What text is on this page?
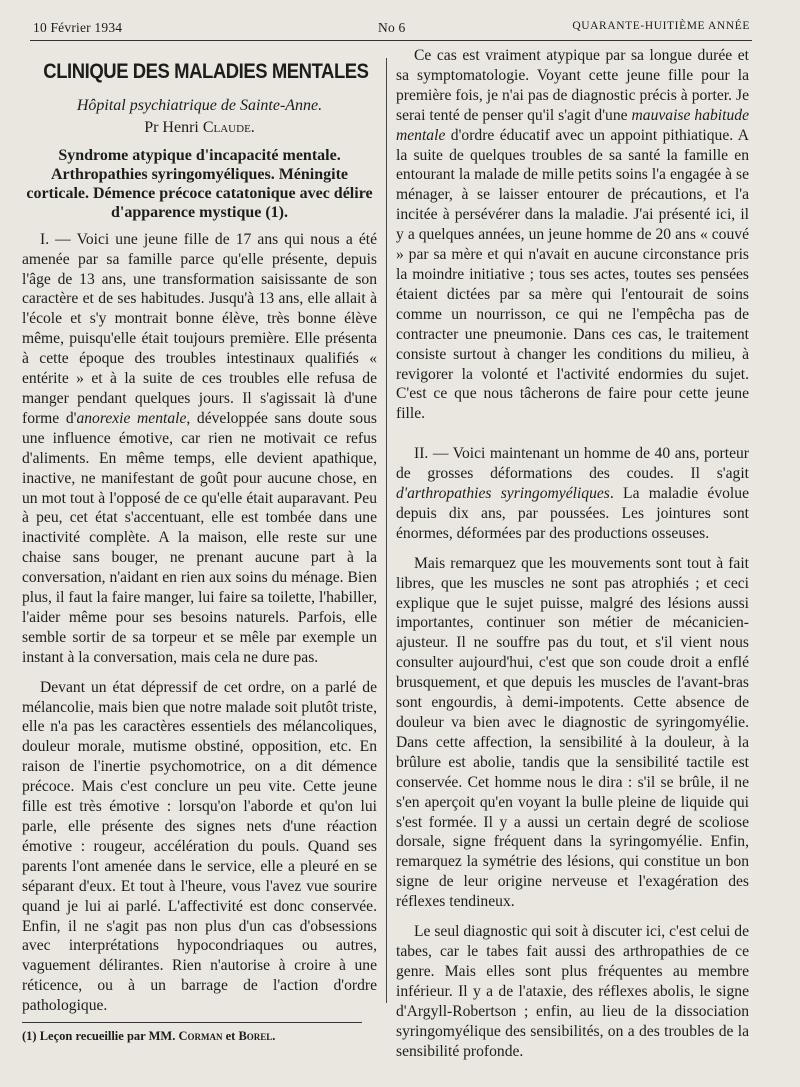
10 Février 1934	No 6	QUARANTE-HUITIÈME ANNÉE
CLINIQUE DES MALADIES MENTALES
Hôpital psychiatrique de Sainte-Anne.
Pr Henri Claude.
Syndrome atypique d'incapacité mentale. Arthropathies syringomyéliques. Méningite corticale. Démence précoce catatonique avec délire d'apparence mystique (1).

I. — Voici une jeune fille de 17 ans qui nous a été amenée par sa famille parce qu'elle présente, depuis l'âge de 13 ans, une transformation saisissante de son caractère et de ses habitudes. Jusqu'à 13 ans, elle allait à l'école et s'y montrait bonne élève, très bonne élève même, puisqu'elle était toujours première. Elle présenta à cette époque des troubles intestinaux qualifiés « entérite » et à la suite de ces troubles elle refusa de manger pendant quelques jours. Il s'agissait là d'une forme d'anorexie mentale, développée sans doute sous une influence émotive, car rien ne motivait ce refus d'aliments. En même temps, elle devient apathique, inactive, ne manifestant de goût pour aucune chose, en un mot tout à l'opposé de ce qu'elle était auparavant. Peu à peu, cet état s'accentuant, elle est tombée dans une inactivité complète. A la maison, elle reste sur une chaise sans bouger, ne prenant aucune part à la conversation, n'aidant en rien aux soins du ménage. Bien plus, il faut la faire manger, lui faire sa toilette, l'habiller, l'aider même pour ses besoins naturels. Parfois, elle semble sortir de sa torpeur et se mêle par exemple un instant à la conversation, mais cela ne dure pas.

Devant un état dépressif de cet ordre, on a parlé de mélancolie, mais bien que notre malade soit plutôt triste, elle n'a pas les caractères essentiels des mélancoliques, douleur morale, mutisme obstiné, opposition, etc. En raison de l'inertie psychomotrice, on a dit démence précoce. Mais c'est conclure un peu vite. Cette jeune fille est très émotive : lorsqu'on l'aborde et qu'on lui parle, elle présente des signes nets d'une réaction émotive : rougeur, accélération du pouls. Quand ses parents l'ont amenée dans le service, elle a pleuré en se séparant d'eux. Et tout à l'heure, vous l'avez vue sourire quand je lui ai parlé. L'affectivité est donc conservée. Enfin, il ne s'agit pas non plus d'un cas d'obsessions avec interprétations hypocondriaques ou autres, vaguement délirantes. Rien n'autorise à croire à une réticence, ou à un barrage de l'action d'ordre pathologique.

(1) Leçon recueillie par MM. Corman et Borel.

Ce cas est vraiment atypique par sa longue durée et sa symptomatologie. Voyant cette jeune fille pour la première fois, je n'ai pas de diagnostic précis à porter. Je serai tenté de penser qu'il s'agit d'une mauvaise habitude mentale d'ordre éducatif avec un appoint pithiatique. A la suite de quelques troubles de sa santé la famille en entourant la malade de mille petits soins l'a engagée à se ménager, à se laisser entourer de précautions, et l'a incitée à persévérer dans la maladie. J'ai présenté ici, il y a quelques années, un jeune homme de 20 ans « couvé » par sa mère et qui n'avait en aucune circonstance pris la moindre initiative ; tous ses actes, toutes ses pensées étaient dictées par sa mère qui l'entourait de soins comme un nourrisson, ce qui ne l'empêcha pas de contracter une pneumonie. Dans ces cas, le traitement consiste surtout à changer les conditions du milieu, à revigorer la volonté et l'activité endormies du sujet. C'est ce que nous tâcherons de faire pour cette jeune fille.

II. — Voici maintenant un homme de 40 ans, porteur de grosses déformations des coudes. Il s'agit d'arthropathies syringomyéliques. La maladie évolue depuis dix ans, par poussées. Les jointures sont énormes, déformées par des productions osseuses.

Mais remarquez que les mouvements sont tout à fait libres, que les muscles ne sont pas atrophiés ; et ceci explique que le sujet puisse, malgré des lésions aussi importantes, continuer son métier de mécanicien-ajusteur. Il ne souffre pas du tout, et s'il vient nous consulter aujourd'hui, c'est que son coude droit a enflé brusquement, et que depuis les muscles de l'avant-bras sont engourdis, à demi-impotents. Cette absence de douleur va bien avec le diagnostic de syringomyélie. Dans cette affection, la sensibilité à la douleur, à la brûlure est abolie, tandis que la sensibilité tactile est conservée. Cet homme nous le dira : s'il se brûle, il ne s'en aperçoit qu'en voyant la bulle pleine de liquide qui s'est formée. Il y a aussi un certain degré de scoliose dorsale, signe fréquent dans la syringomyélie. Enfin, remarquez la symétrie des lésions, qui constitue un bon signe de leur origine nerveuse et l'exagération des réflexes tendineux.

Le seul diagnostic qui soit à discuter ici, c'est celui de tabes, car le tabes fait aussi des arthropathies de ce genre. Mais elles sont plus fréquentes au membre inférieur. Il y a de l'ataxie, des réflexes abolis, le signe d'Argyll-Robertson ; enfin, au lieu de la dissociation syringomyélique des sensibilités, on a des troubles de la sensibilité profonde.
